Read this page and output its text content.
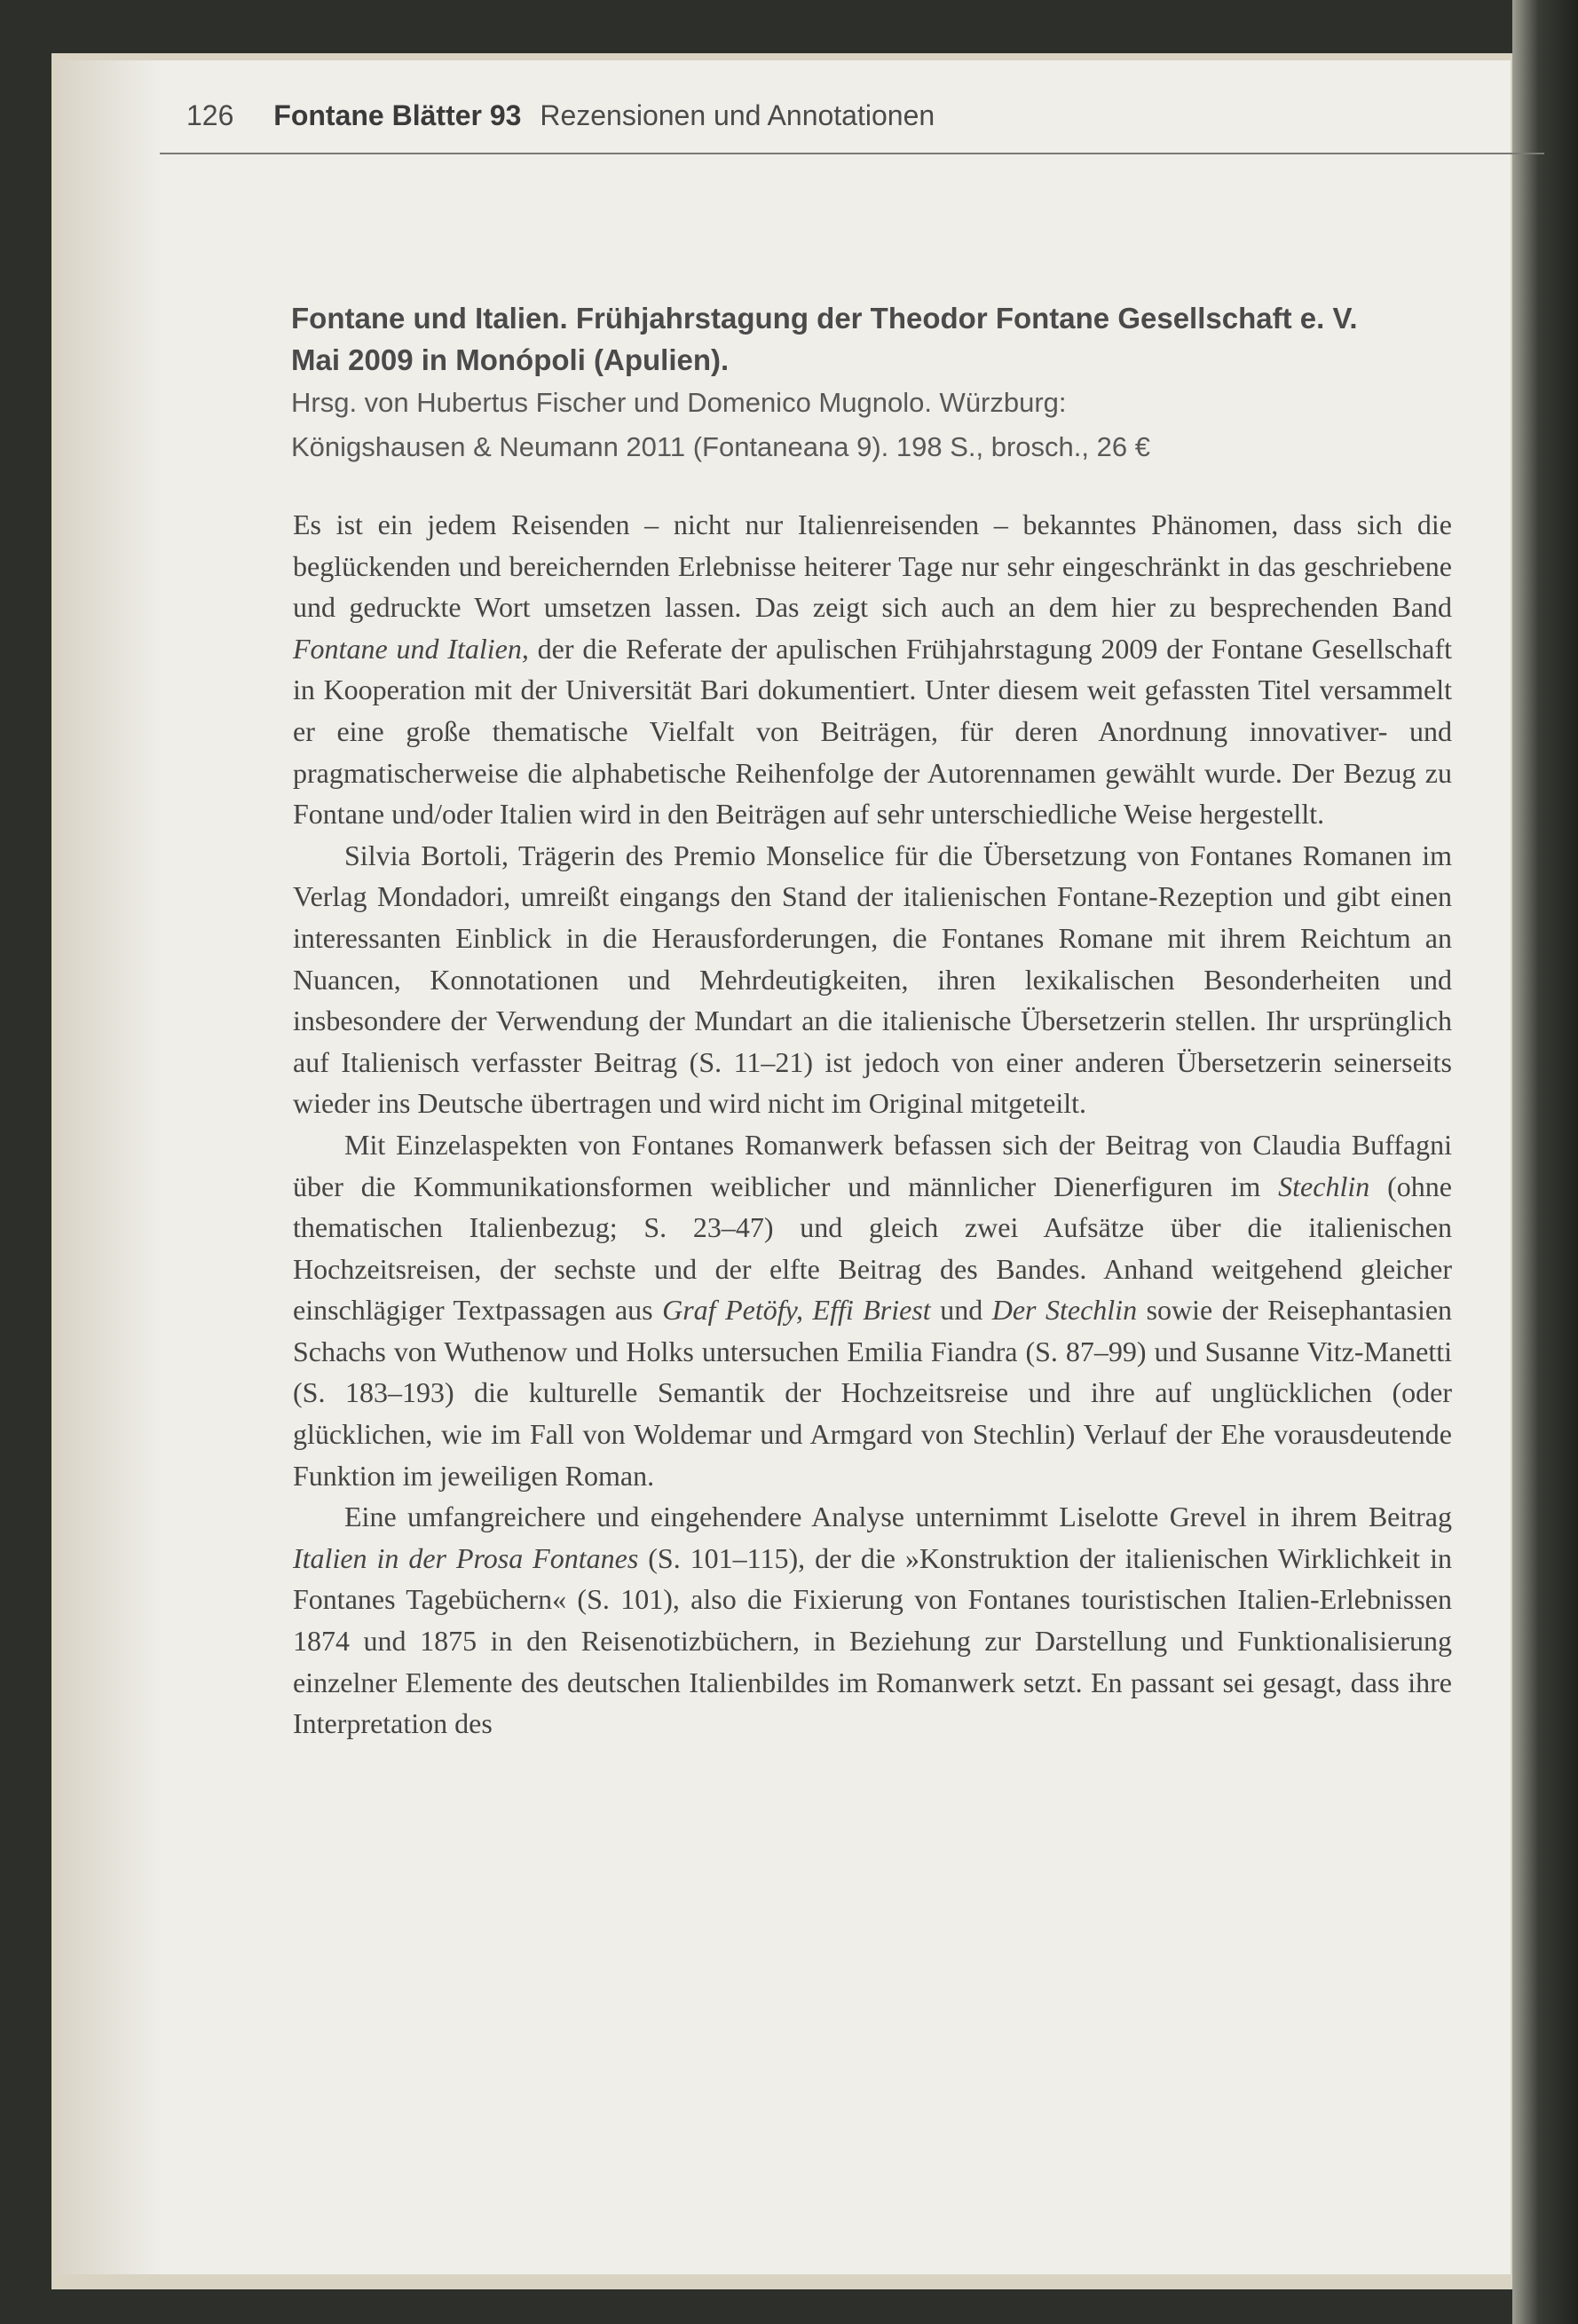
126 Fontane Blätter 93 Rezensionen und Annotationen

Fontane und Italien. Frühjahrstagung der Theodor Fontane Gesellschaft e. V.

Mai 2009 in Monópoli (Apulien).

Hrsg. von Hubertus Fischer und Domenico Mugnolo. Würzburg:

Königshausen & Neumann 2011 (Fontaneana 9). 198 S., brosch., 26 €

Es ist ein jedem Reisenden – nicht nur Italienreisenden – bekanntes Phänomen, dass sich die beglückenden und bereichernden Erlebnisse heiterer Tage nur sehr eingeschränkt in das geschriebene und gedruckte Wort umsetzen lassen. Das zeigt sich auch an dem hier zu besprechenden Band Fontane und Italien, der die Referate der apulischen Frühjahrstagung 2009 der Fontane Gesellschaft in Kooperation mit der Universität Bari dokumentiert. Unter diesem weit gefassten Titel versammelt er eine große thematische Vielfalt von Beiträgen, für deren Anordnung innovativer- und pragmatischerweise die alphabetische Reihenfolge der Autorennamen gewählt wurde. Der Bezug zu Fontane und/oder Italien wird in den Beiträgen auf sehr unterschiedliche Weise hergestellt.

Silvia Bortoli, Trägerin des Premio Monselice für die Übersetzung von Fontanes Romanen im Verlag Mondadori, umreißt eingangs den Stand der italienischen Fontane-Rezeption und gibt einen interessanten Einblick in die Herausforderungen, die Fontanes Romane mit ihrem Reichtum an Nuancen, Konnotationen und Mehrdeutigkeiten, ihren lexikalischen Besonderheiten und insbesondere der Verwendung der Mundart an die italienische Übersetzerin stellen. Ihr ursprünglich auf Italienisch verfasster Beitrag (S. 11–21) ist jedoch von einer anderen Übersetzerin seinerseits wieder ins Deutsche übertragen und wird nicht im Original mitgeteilt.

Mit Einzelaspekten von Fontanes Romanwerk befassen sich der Beitrag von Claudia Buffagni über die Kommunikationsformen weiblicher und männlicher Dienerfiguren im Stechlin (ohne thematischen Italienbezug; S. 23–47) und gleich zwei Aufsätze über die italienischen Hochzeitsreisen, der sechste und der elfte Beitrag des Bandes. Anhand weitgehend gleicher einschlägiger Textpassagen aus Graf Petöfy, Effi Briest und Der Stechlin sowie der Reisephantasien Schachs von Wuthenow und Holks untersuchen Emilia Fiandra (S. 87–99) und Susanne Vitz-Manetti (S. 183–193) die kulturelle Semantik der Hochzeitsreise und ihre auf unglücklichen (oder glücklichen, wie im Fall von Woldemar und Armgard von Stechlin) Verlauf der Ehe vorausdeutende Funktion im jeweiligen Roman.

Eine umfangreichere und eingehendere Analyse unternimmt Liselotte Grevel in ihrem Beitrag Italien in der Prosa Fontanes (S. 101–115), der die »Konstruktion der italienischen Wirklichkeit in Fontanes Tagebüchern« (S. 101), also die Fixierung von Fontanes touristischen Italien-Erlebnissen 1874 und 1875 in den Reisenotizbüchern, in Beziehung zur Darstellung und Funktionalisierung einzelner Elemente des deutschen Italienbildes im Romanwerk setzt. En passant sei gesagt, dass ihre Interpretation des
